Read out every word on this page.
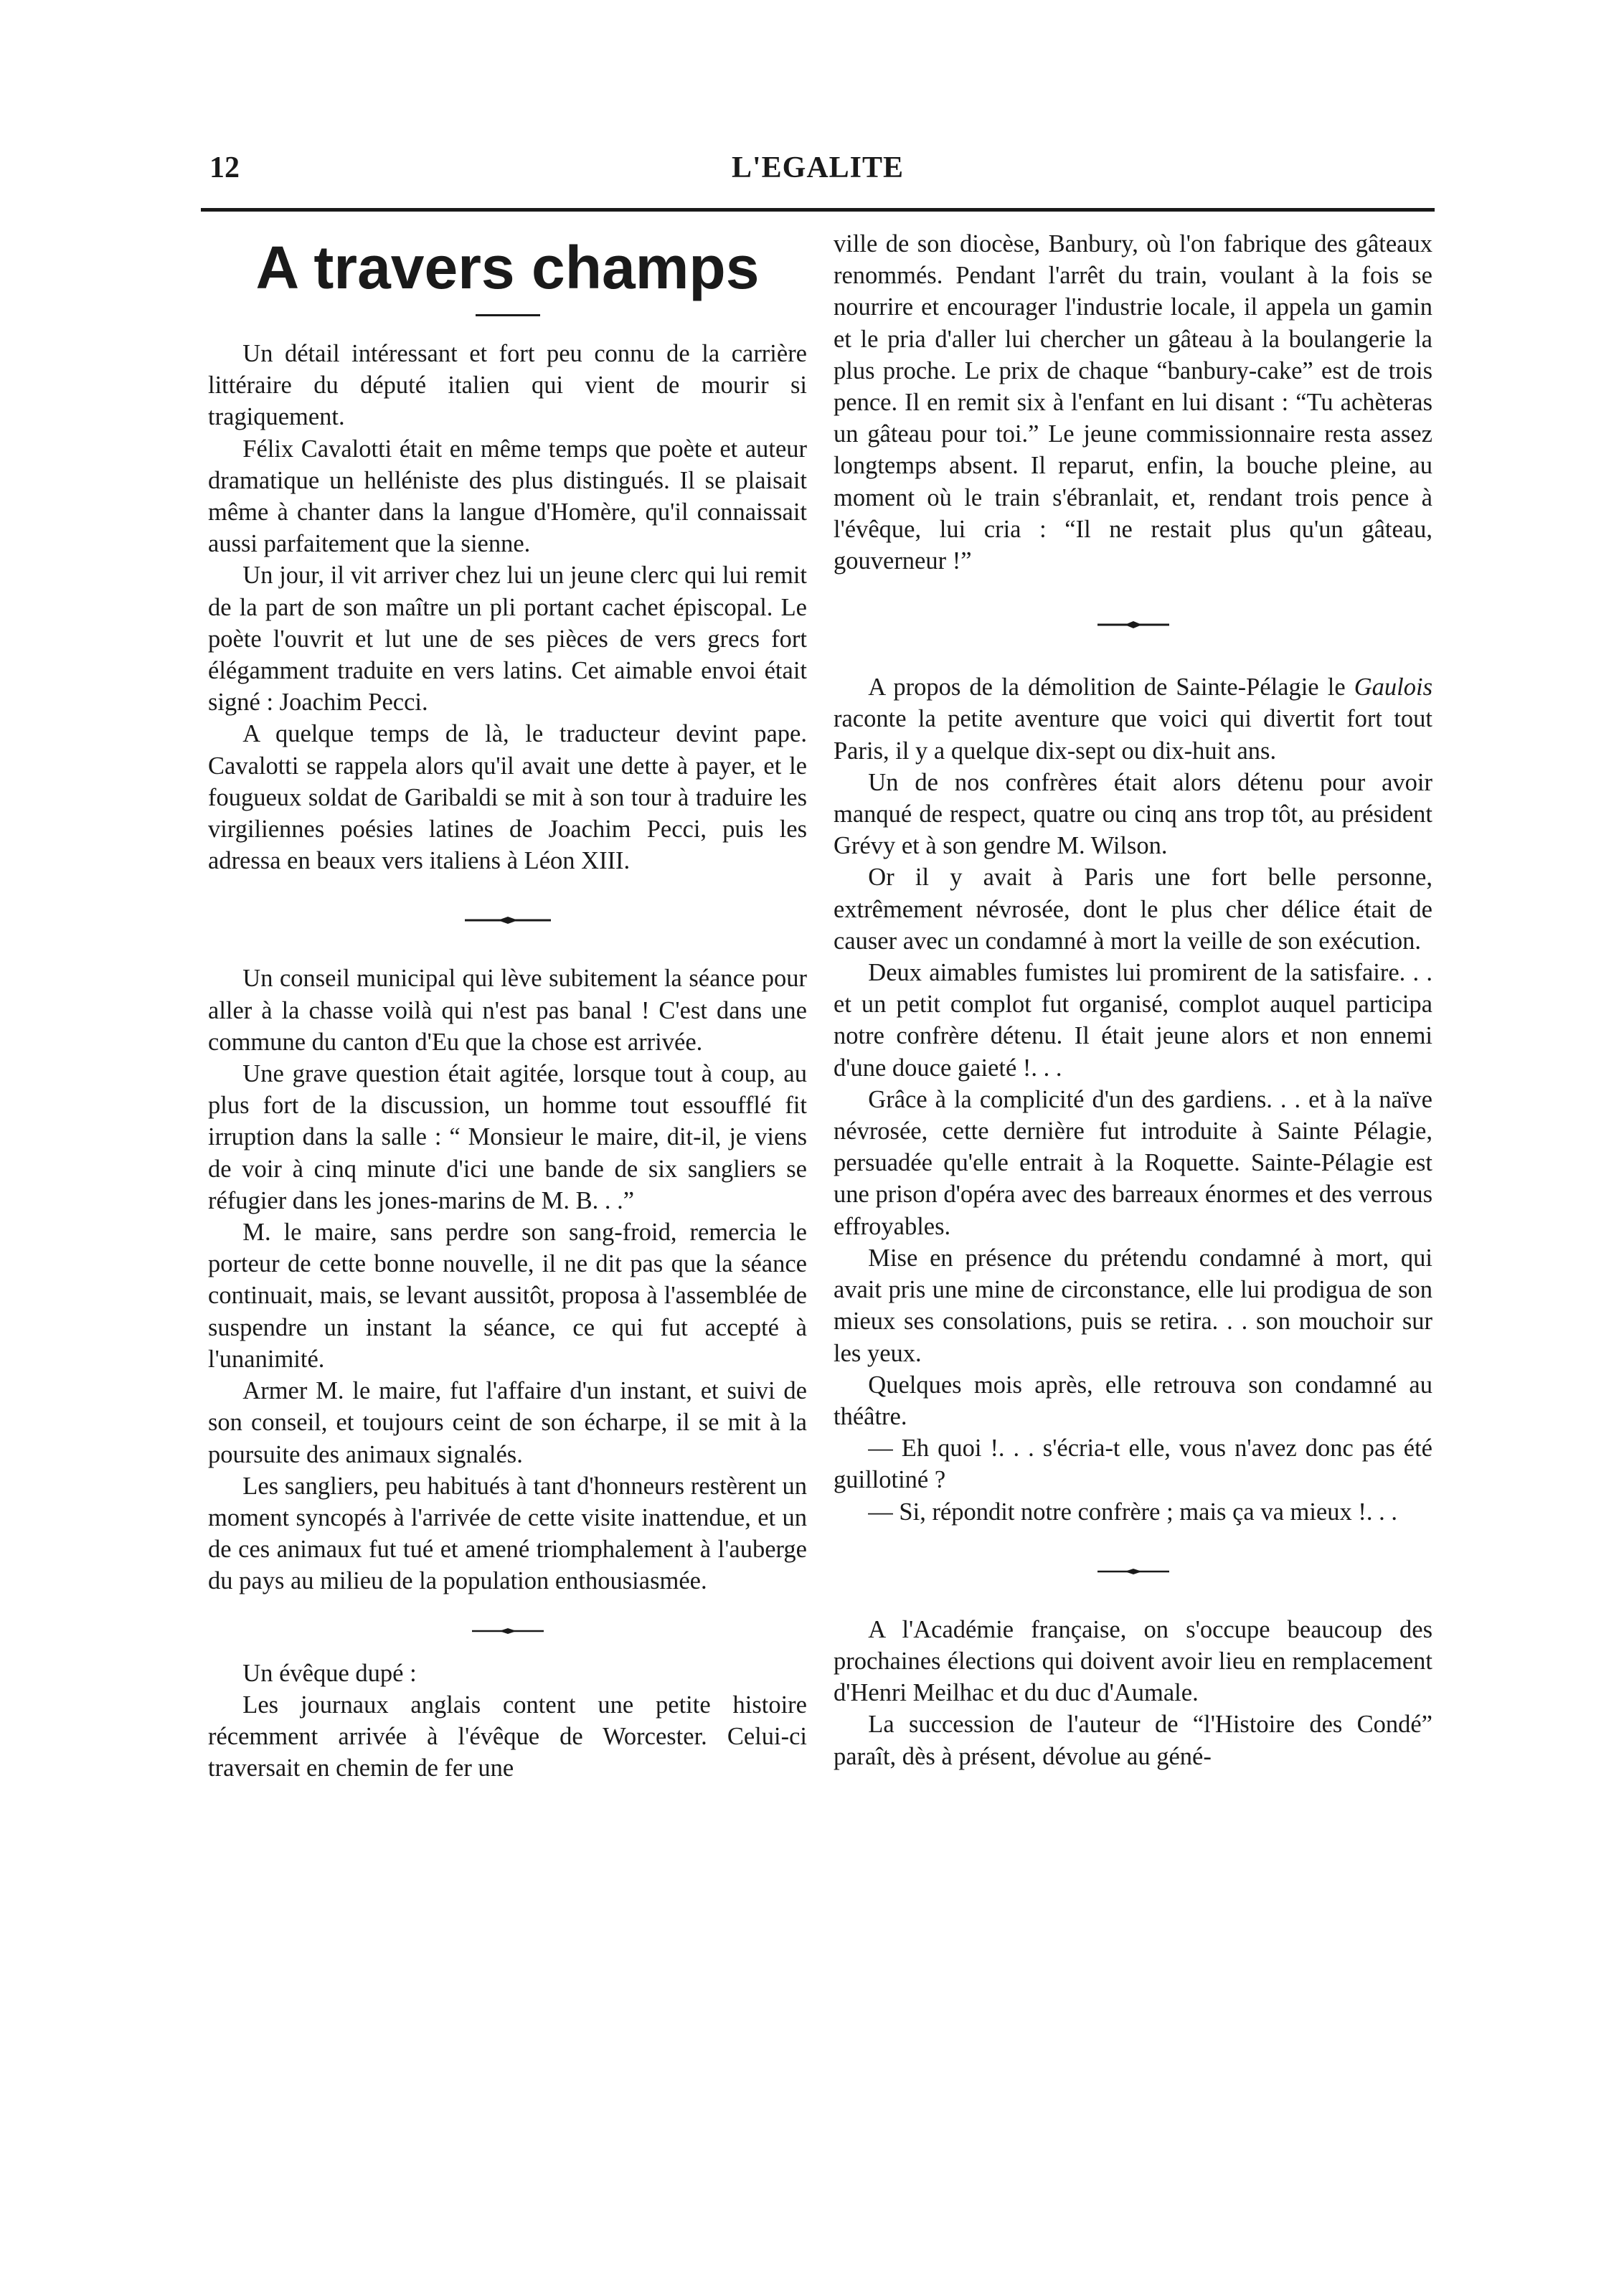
12	L'EGALITE
A travers champs

Un détail intéressant et fort peu connu de la carrière littéraire du député italien qui vient de mourir si tragiquement.

Félix Cavalotti était en même temps que poète et auteur dramatique un helléniste des plus distingués. Il se plaisait même à chanter dans la langue d'Homère, qu'il connaissait aussi parfaitement que la sienne.

Un jour, il vit arriver chez lui un jeune clerc qui lui remit de la part de son maître un pli portant cachet épiscopal. Le poète l'ouvrit et lut une de ses pièces de vers grecs fort élégamment traduite en vers latins. Cet aimable envoi était signé : Joachim Pecci.

A quelque temps de là, le traducteur devint pape. Cavalotti se rappela alors qu'il avait une dette à payer, et le fougueux soldat de Garibaldi se mit à son tour à traduire les virgiliennes poésies latines de Joachim Pecci, puis les adressa en beaux vers italiens à Léon XIII.

Un conseil municipal qui lève subitement la séance pour aller à la chasse voilà qui n'est pas banal ! C'est dans une commune du canton d'Eu que la chose est arrivée.

Une grave question était agitée, lorsque tout à coup, au plus fort de la discussion, un homme tout essoufflé fit irruption dans la salle : “ Monsieur le maire, dit-il, je viens de voir à cinq minute d'ici une bande de six sangliers se réfugier dans les jones-marins de M. B. . .”

M. le maire, sans perdre son sang-froid, remercia le porteur de cette bonne nouvelle, il ne dit pas que la séance continuait, mais, se levant aussitôt, proposa à l'assemblée de suspendre un instant la séance, ce qui fut accepté à l'unanimité.

Armer M. le maire, fut l'affaire d'un instant, et suivi de son conseil, et toujours ceint de son écharpe, il se mit à la poursuite des animaux signalés.

Les sangliers, peu habitués à tant d'honneurs restèrent un moment syncopés à l'arrivée de cette visite inattendue, et un de ces animaux fut tué et amené triomphalement à l'auberge du pays au milieu de la population enthousiasmée.

Un évêque dupé :

Les journaux anglais content une petite histoire récemment arrivée à l'évêque de Worcester. Celui-ci traversait en chemin de fer une

ville de son diocèse, Banbury, où l'on fabrique des gâteaux renommés. Pendant l'arrêt du train, voulant à la fois se nourrire et encourager l'industrie locale, il appela un gamin et le pria d'aller lui chercher un gâteau à la boulangerie la plus proche. Le prix de chaque “banbury-cake” est de trois pence. Il en remit six à l'enfant en lui disant : “Tu achèteras un gâteau pour toi.” Le jeune commissionnaire resta assez longtemps absent. Il reparut, enfin, la bouche pleine, au moment où le train s'ébranlait, et, rendant trois pence à l'évêque, lui cria : “Il ne restait plus qu'un gâteau, gouverneur !”

A propos de la démolition de Sainte-Pélagie le Gaulois raconte la petite aventure que voici qui divertit fort tout Paris, il y a quelque dix-sept ou dix-huit ans.

Un de nos confrères était alors détenu pour avoir manqué de respect, quatre ou cinq ans trop tôt, au président Grévy et à son gendre M. Wilson.

Or il y avait à Paris une fort belle personne, extrêmement névrosée, dont le plus cher délice était de causer avec un condamné à mort la veille de son exécution.

Deux aimables fumistes lui promirent de la satisfaire. . . et un petit complot fut organisé, complot auquel participa notre confrère détenu. Il était jeune alors et non ennemi d'une douce gaieté !. . .

Grâce à la complicité d'un des gardiens. . . et à la naïve névrosée, cette dernière fut introduite à Sainte Pélagie, persuadée qu'elle entrait à la Roquette. Sainte-Pélagie est une prison d'opéra avec des barreaux énormes et des verrous effroyables.

Mise en présence du prétendu condamné à mort, qui avait pris une mine de circonstance, elle lui prodigua de son mieux ses consolations, puis se retira. . . son mouchoir sur les yeux.

Quelques mois après, elle retrouva son condamné au théâtre.

— Eh quoi !. . . s'écria-t elle, vous n'avez donc pas été guillotiné ?

— Si, répondit notre confrère ; mais ça va mieux !. . .

A l'Académie française, on s'occupe beaucoup des prochaines élections qui doivent avoir lieu en remplacement d'Henri Meilhac et du duc d'Aumale.

La succession de l'auteur de “l'Histoire des Condé” paraît, dès à présent, dévolue au géné-
